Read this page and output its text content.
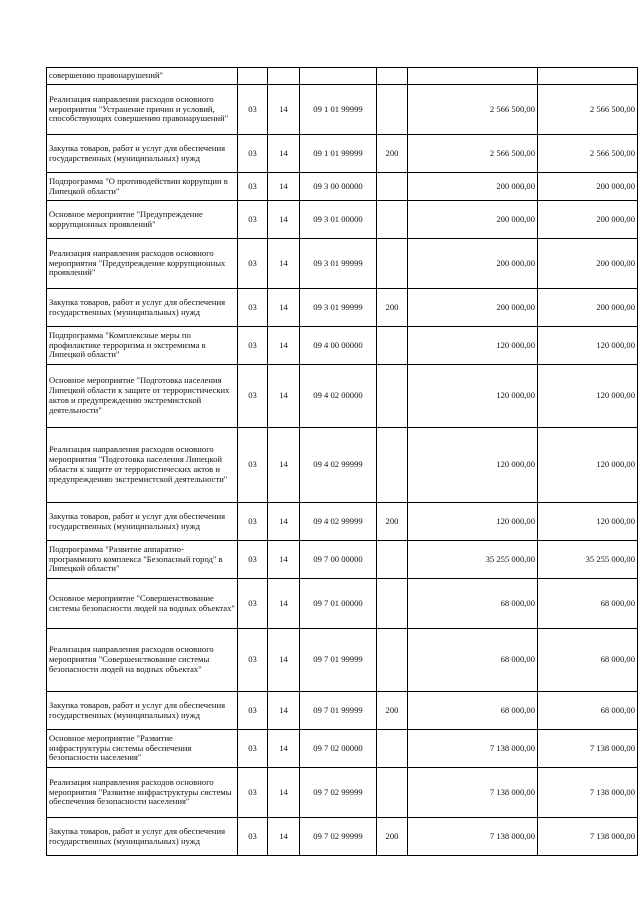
совершению правонарушений"						
Реализация направления расходов основного мероприятия "Устранение причин и условий, способствующих совершению правонарушений"	03	14	09 1 01 99999		2 566 500,00	2 566 500,00
Закупка товаров, работ и услуг для обеспечения государственных (муниципальных) нужд	03	14	09 1 01 99999	200	2 566 500,00	2 566 500,00
Подпрограмма "О противодействии коррупции в Липецкой области"	03	14	09 3 00 00000		200 000,00	200 000,00
Основное мероприятие "Предупреждение коррупционных проявлений"	03	14	09 3 01 00000		200 000,00	200 000,00
Реализация направления расходов основного мероприятия "Предупреждение коррупционных проявлений"	03	14	09 3 01 99999		200 000,00	200 000,00
Закупка товаров, работ и услуг для обеспечения государственных (муниципальных) нужд	03	14	09 3 01 99999	200	200 000,00	200 000,00
Подпрограмма "Комплексные меры по профилактике терроризма и экстремизма в Липецкой области"	03	14	09 4 00 00000		120 000,00	120 000,00
Основное мероприятие "Подготовка населения Липецкой области к защите от террористических актов и предупреждению экстремистской деятельности"	03	14	09 4 02 00000		120 000,00	120 000,00
Реализация направления расходов основного мероприятия "Подготовка населения Липецкой области к защите от террористических актов и предупреждению экстремистской деятельности"	03	14	09 4 02 99999		120 000,00	120 000,00
Закупка товаров, работ и услуг для обеспечения государственных (муниципальных) нужд	03	14	09 4 02 99999	200	120 000,00	120 000,00
Подпрограмма "Развитие аппаратно-программного комплекса "Безопасный город" в Липецкой области"	03	14	09 7 00 00000		35 255 000,00	35 255 000,00
Основное мероприятие "Совершенствование системы безопасности людей на водных объектах"	03	14	09 7 01 00000		68 000,00	68 000,00
Реализация направления расходов основного мероприятия "Совершенствование системы безопасности людей на водных объектах"	03	14	09 7 01 99999		68 000,00	68 000,00
Закупка товаров, работ и услуг для обеспечения государственных (муниципальных) нужд	03	14	09 7 01 99999	200	68 000,00	68 000,00
Основное мероприятие "Развитие инфраструктуры системы обеспечения безопасности населения"	03	14	09 7 02 00000		7 138 000,00	7 138 000,00
Реализация направления расходов основного мероприятия "Развитие инфраструктуры системы обеспечения безопасности населения"	03	14	09 7 02 99999		7 138 000,00	7 138 000,00
Закупка товаров, работ и услуг для обеспечения государственных (муниципальных) нужд	03	14	09 7 02 99999	200	7 138 000,00	7 138 000,00
